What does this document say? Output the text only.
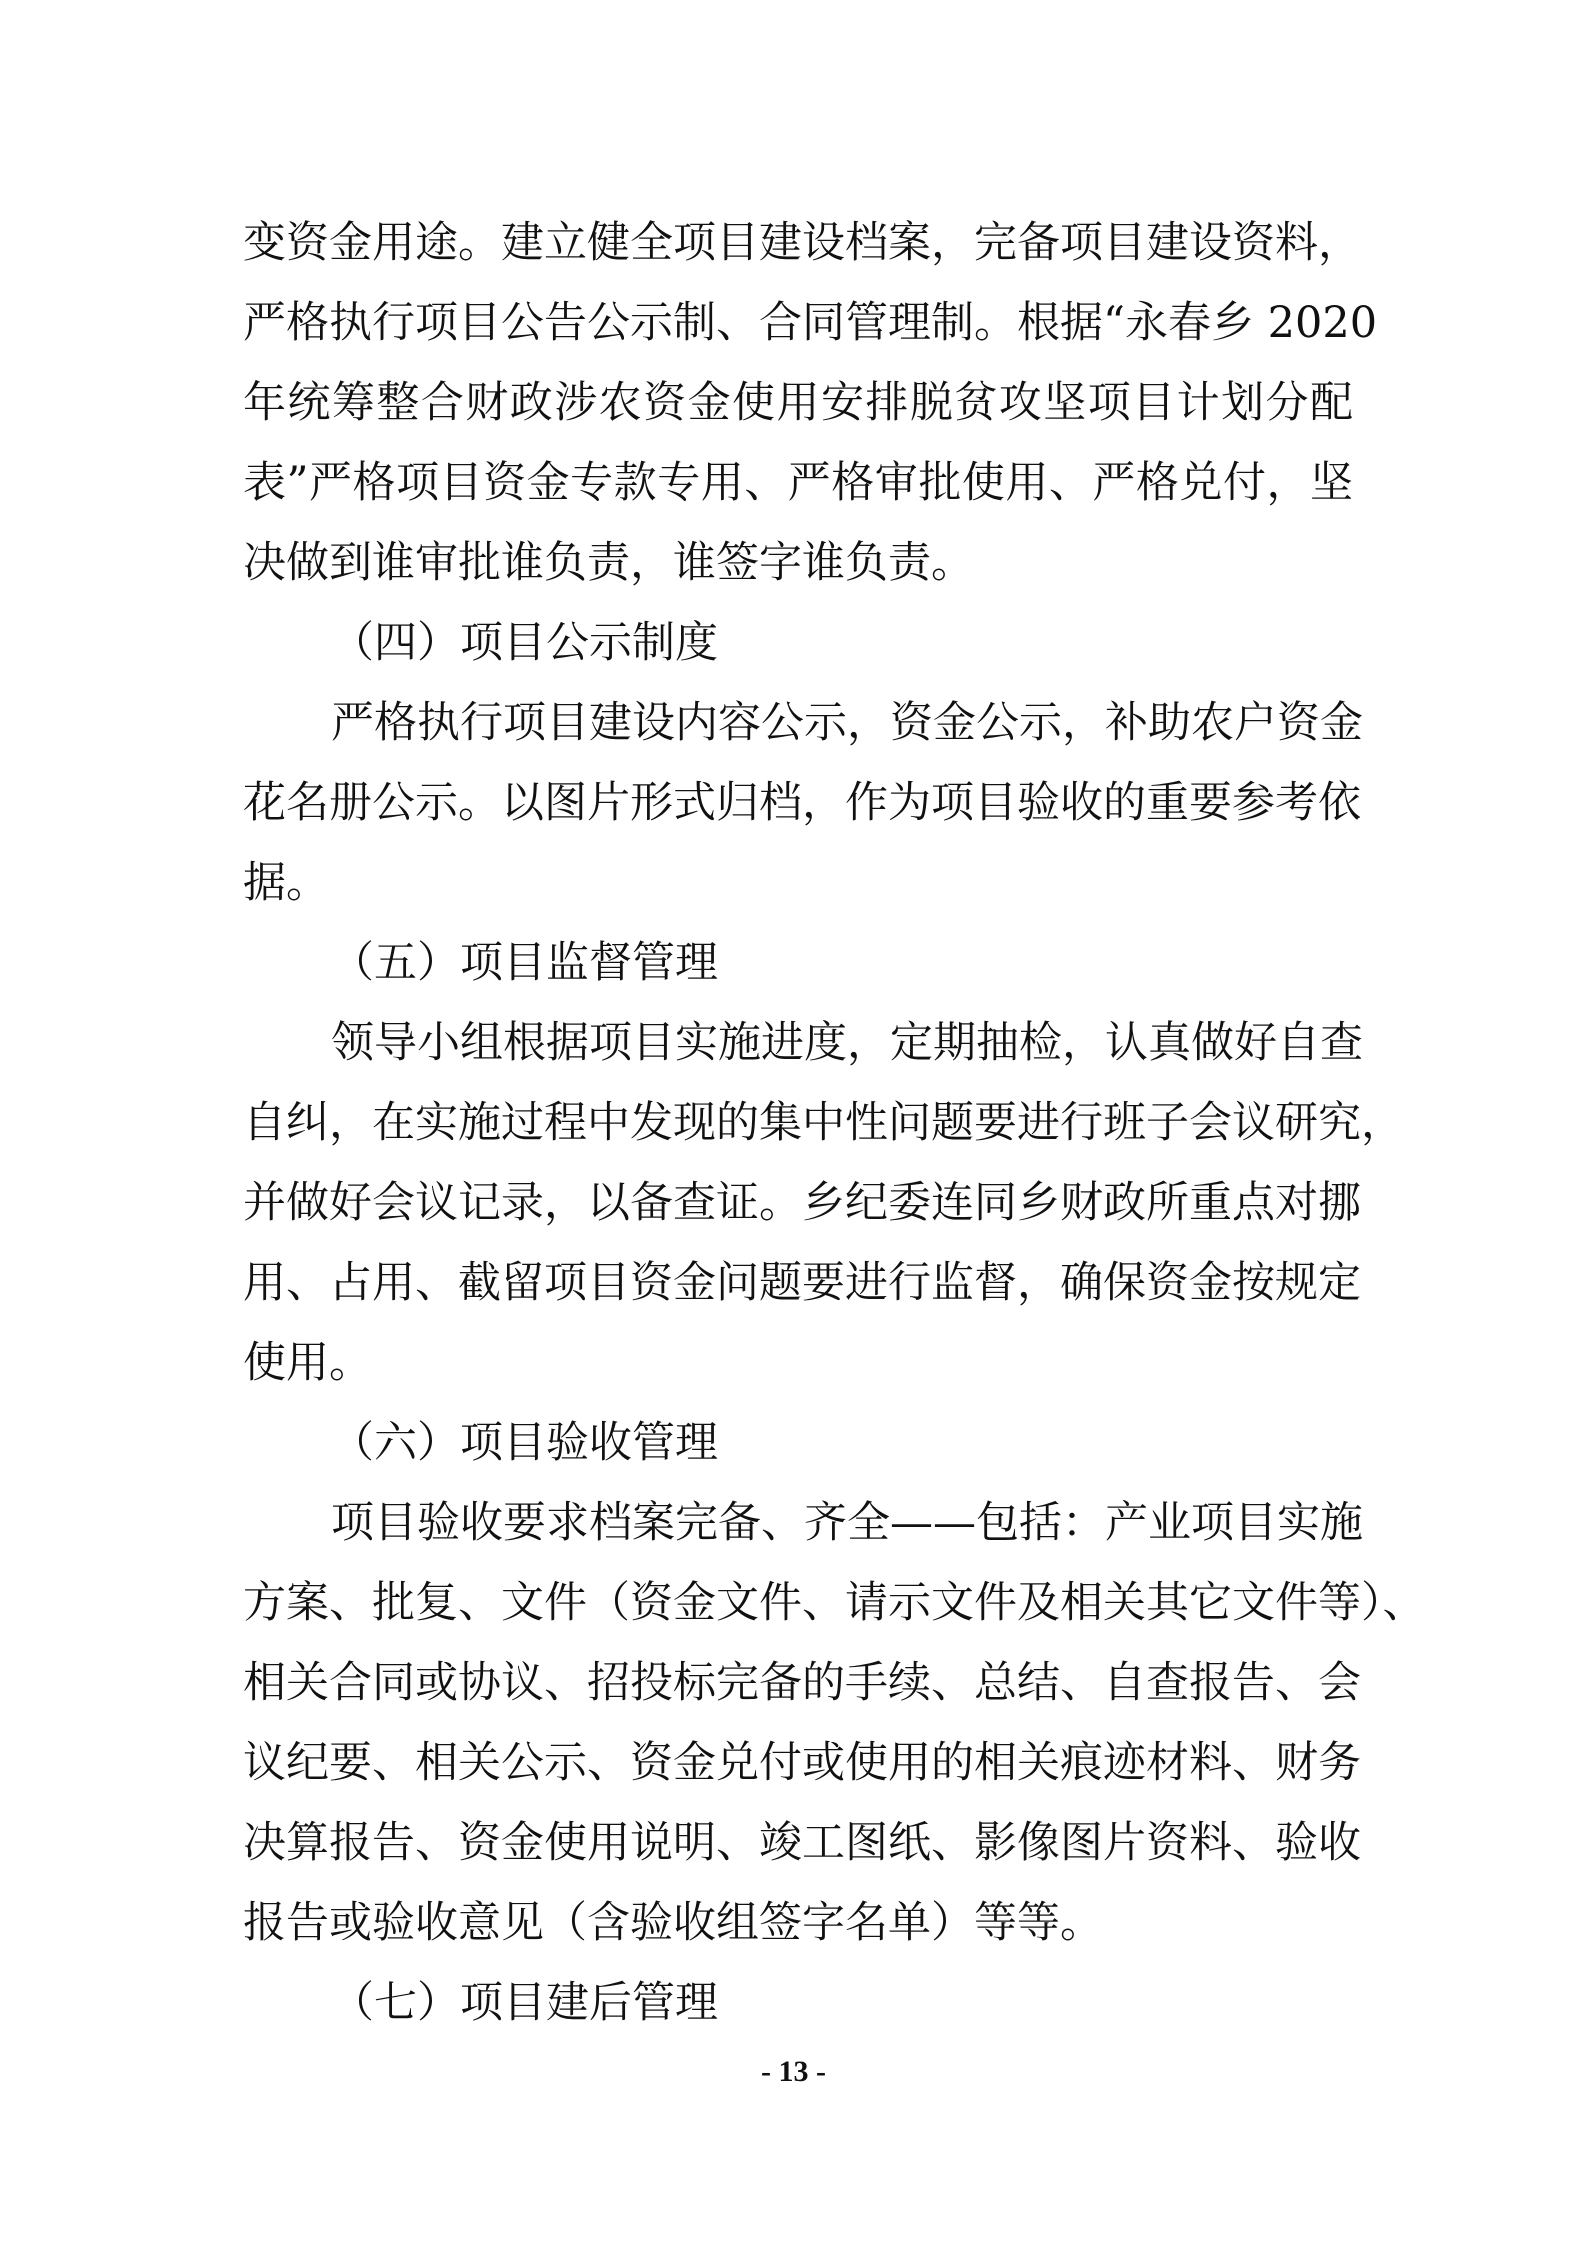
变资金用途。建立健全项目建设档案，完备项目建设资料，
严格执行项目公告公示制、合同管理制。根据“永春乡 2020
年统筹整合财政涉农资金使用安排脱贫攻坚项目计划分配
表”严格项目资金专款专用、严格审批使用、严格兑付，坚
决做到谁审批谁负责，谁签字谁负责。
（四）项目公示制度
严格执行项目建设内容公示，资金公示，补助农户资金
花名册公示。以图片形式归档，作为项目验收的重要参考依
据。
（五）项目监督管理
领导小组根据项目实施进度，定期抽检，认真做好自查
自纠，在实施过程中发现的集中性问题要进行班子会议研究，
并做好会议记录，以备查证。乡纪委连同乡财政所重点对挪
用、占用、截留项目资金问题要进行监督，确保资金按规定
使用。
（六）项目验收管理
项目验收要求档案完备、齐全——包括：产业项目实施
方案、批复、文件（资金文件、请示文件及相关其它文件等）、
相关合同或协议、招投标完备的手续、总结、自查报告、会
议纪要、相关公示、资金兑付或使用的相关痕迹材料、财务
决算报告、资金使用说明、竣工图纸、影像图片资料、验收
报告或验收意见（含验收组签字名单）等等。
（七）项目建后管理
- 13 -
